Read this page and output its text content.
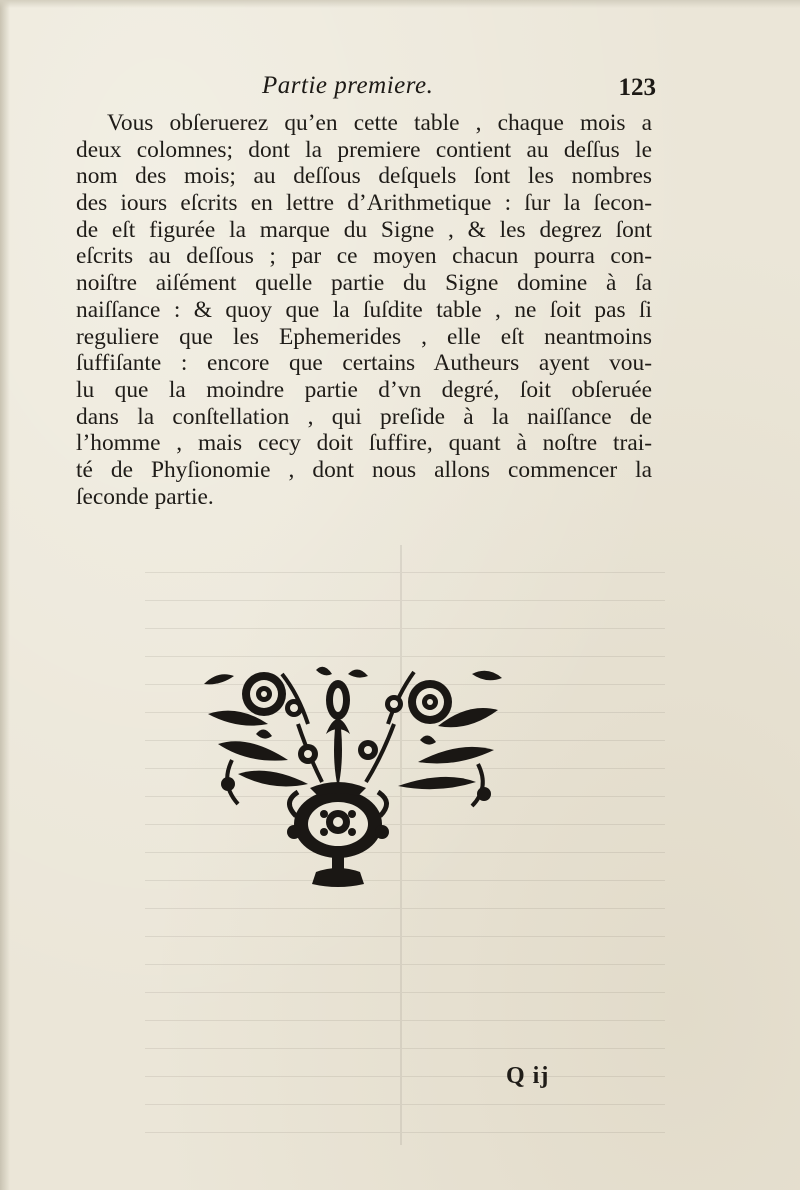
Partie premiere.	123

Vous obſeruerez qu’en cette table , chaque mois a
deux colomnes; dont la premiere contient au deſſus le
nom des mois; au deſſous deſquels ſont les nombres
des iours eſcrits en lettre d’Arithmetique : ſur la ſecon-
de eſt figurée la marque du Signe , & les degrez ſont
eſcrits au deſſous ; par ce moyen chacun pourra con-
noiſtre aiſément quelle partie du Signe domine à ſa
naiſſance : & quoy que la ſuſdite table , ne ſoit pas ſi
reguliere que les Ephemerides , elle eſt neantmoins
ſuffiſante : encore que certains Autheurs ayent vou-
lu que la moindre partie d’vn degré, ſoit obſeruée
dans la conſtellation , qui preſide à la naiſſance de
l’homme , mais cecy doit ſuffire, quant à noſtre trai-
té de Phyſionomie , dont nous allons commencer la
ſeconde partie.

Q ij
